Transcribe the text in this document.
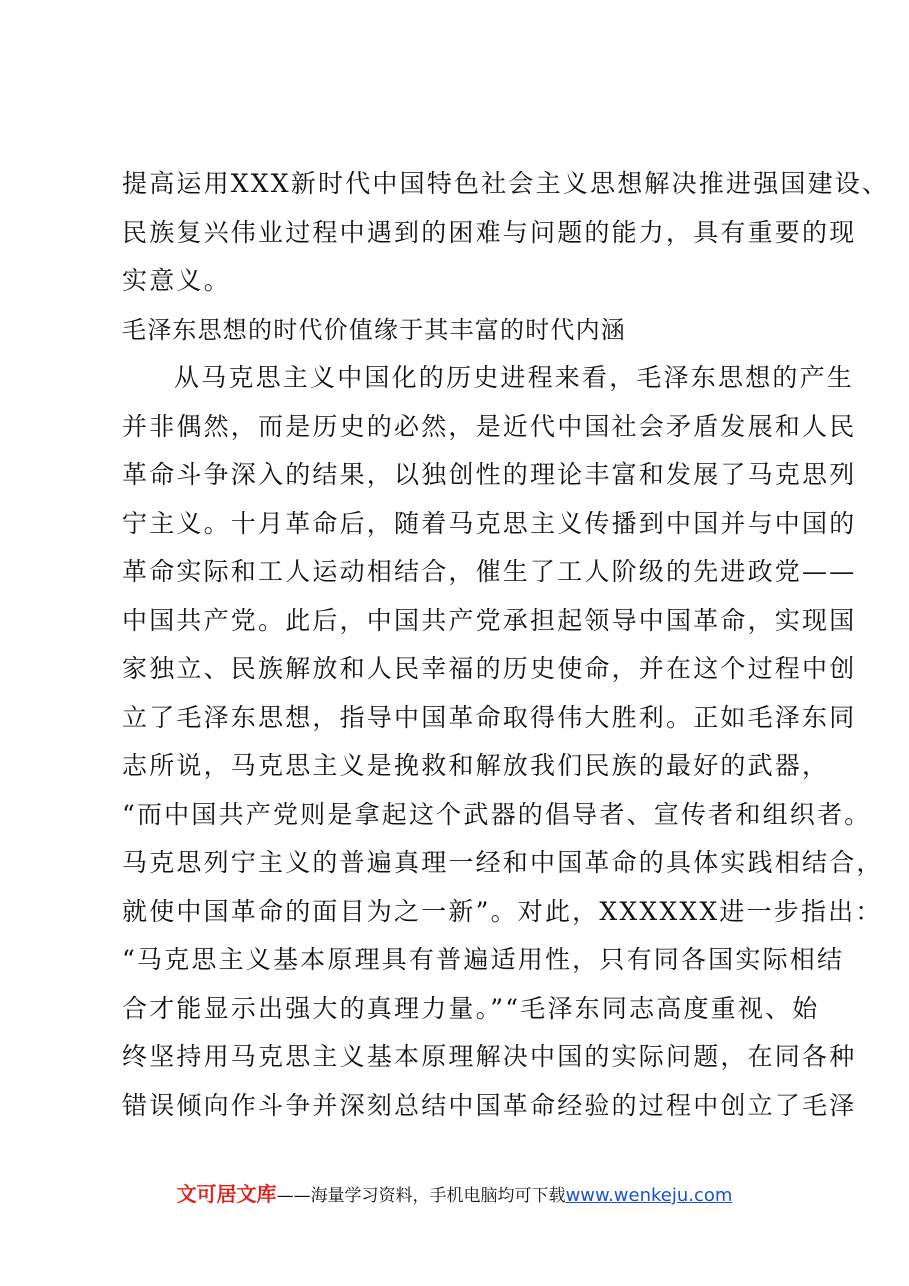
提高运用XXX新时代中国特色社会主义思想解决推进强国建设、
民族复兴伟业过程中遇到的困难与问题的能力，具有重要的现
实意义。
毛泽东思想的时代价值缘于其丰富的时代内涵
从马克思主义中国化的历史进程来看，毛泽东思想的产生
并非偶然，而是历史的必然，是近代中国社会矛盾发展和人民
革命斗争深入的结果，以独创性的理论丰富和发展了马克思列
宁主义。十月革命后，随着马克思主义传播到中国并与中国的
革命实际和工人运动相结合，催生了工人阶级的先进政党——
中国共产党。此后，中国共产党承担起领导中国革命，实现国
家独立、民族解放和人民幸福的历史使命，并在这个过程中创
立了毛泽东思想，指导中国革命取得伟大胜利。正如毛泽东同
志所说，马克思主义是挽救和解放我们民族的最好的武器，
“而中国共产党则是拿起这个武器的倡导者、宣传者和组织者。
马克思列宁主义的普遍真理一经和中国革命的具体实践相结合，
就使中国革命的面目为之一新”。对此，XXXXXX进一步指出：
“马克思主义基本原理具有普遍适用性，只有同各国实际相结
合才能显示出强大的真理力量。”“毛泽东同志高度重视、始
终坚持用马克思主义基本原理解决中国的实际问题，在同各种
错误倾向作斗争并深刻总结中国革命经验的过程中创立了毛泽
文可居文库——海量学习资料，手机电脑均可下载www.wenkeju.com
